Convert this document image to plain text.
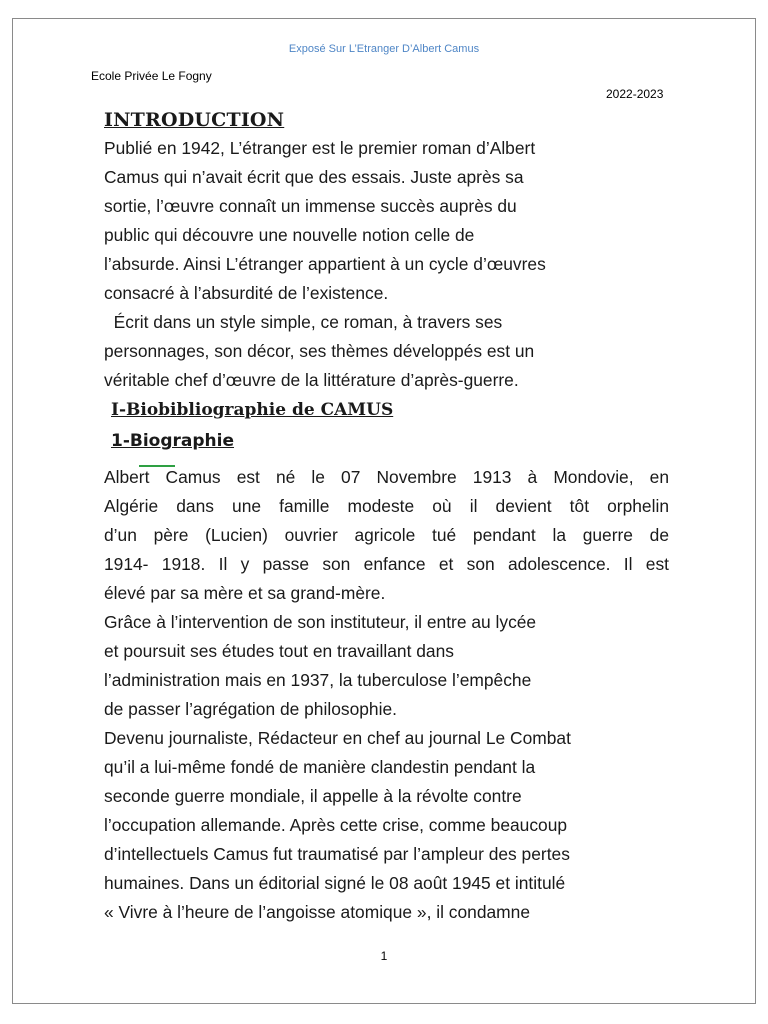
Exposé Sur L’Etranger D’Albert Camus
Ecole Privée Le Fogny
2022-2023
INTRODUCTION
Publié en 1942, L’étranger est le premier roman d’Albert
Camus qui n’avait écrit que des essais. Juste après sa
sortie, l’œuvre connaît un immense succès auprès du
public qui découvre une nouvelle notion celle de
l’absurde. Ainsi L’étranger appartient à un cycle d’œuvres
consacré à l’absurdité de l’existence.
Écrit dans un style simple, ce roman, à travers ses
personnages, son décor, ses thèmes développés est un
véritable chef d’œuvre de la littérature d’après-guerre.
I-Biobibliographie de CAMUS
1-Biographie
Albert Camus est né le 07 Novembre 1913 à Mondovie, en
Algérie dans une famille modeste où il devient tôt orphelin
d’un père (Lucien) ouvrier agricole tué pendant la guerre de
1914- 1918. Il y passe son enfance et son adolescence. Il est
élevé par sa mère et sa grand-mère.
Grâce à l’intervention de son instituteur, il entre au lycée
et poursuit ses études tout en travaillant dans
l’administration mais en 1937, la tuberculose l’empêche
de passer l’agrégation de philosophie.
Devenu journaliste, Rédacteur en chef au journal Le Combat
qu’il a lui-même fondé de manière clandestin pendant la
seconde guerre mondiale, il appelle à la révolte contre
l’occupation allemande. Après cette crise, comme beaucoup
d’intellectuels Camus fut traumatisé par l’ampleur des pertes
humaines. Dans un éditorial signé le 08 août 1945 et intitulé
« Vivre à l’heure de l’angoisse atomique », il condamne
1
